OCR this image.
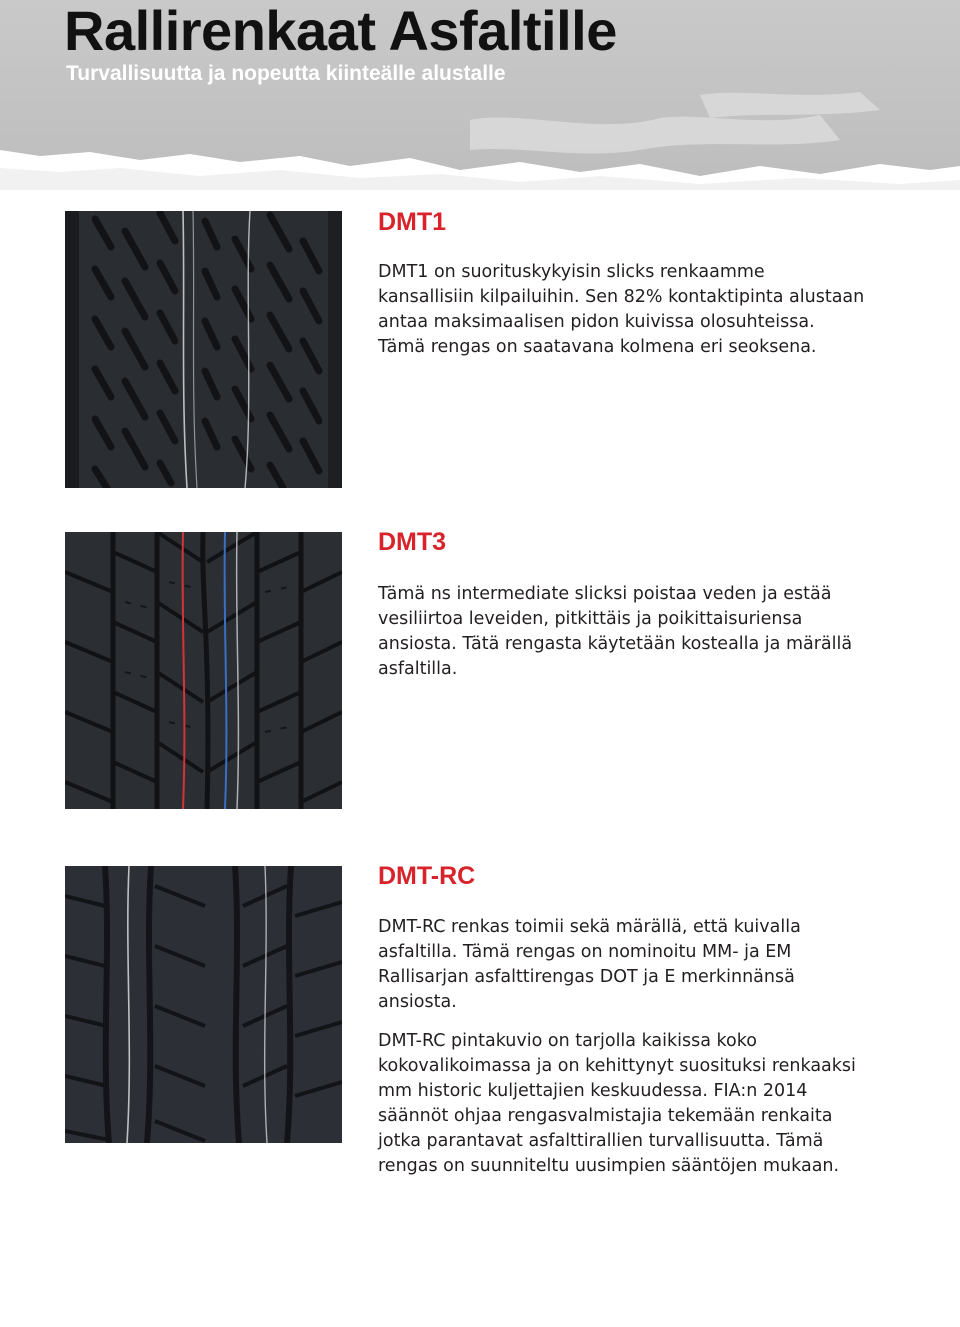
Rallirenkaat Asfaltille

Turvallisuutta ja nopeutta kiinteälle alustalle

DMT1

DMT1 on suorituskykyisin slicks renkaamme
kansallisiin kilpailuihin. Sen 82% kontaktipinta alustaan
antaa maksimaalisen pidon kuivissa olosuhteissa.
Tämä rengas on saatavana kolmena eri seoksena.

DMT3

Tämä ns intermediate slicksi poistaa veden ja estää
vesiliirtoa leveiden, pitkittäis ja poikittaisuriensa
ansiosta. Tätä rengasta käytetään kostealla ja märällä
asfaltilla.

DMT-RC

DMT-RC renkas toimii sekä märällä, että kuivalla
asfaltilla. Tämä rengas on nominoitu MM- ja EM
Rallisarjan asfalttirengas DOT ja E merkinnänsä
ansiosta.

DMT-RC pintakuvio on tarjolla kaikissa koko
kokovalikoimassa ja on kehittynyt suosituksi renkaaksi
mm historic kuljettajien keskuudessa. FIA:n 2014
säännöt ohjaa rengasvalmistajia tekemään renkaita
jotka parantavat asfalttirallien turvallisuutta. Tämä
rengas on suunniteltu uusimpien sääntöjen mukaan.
